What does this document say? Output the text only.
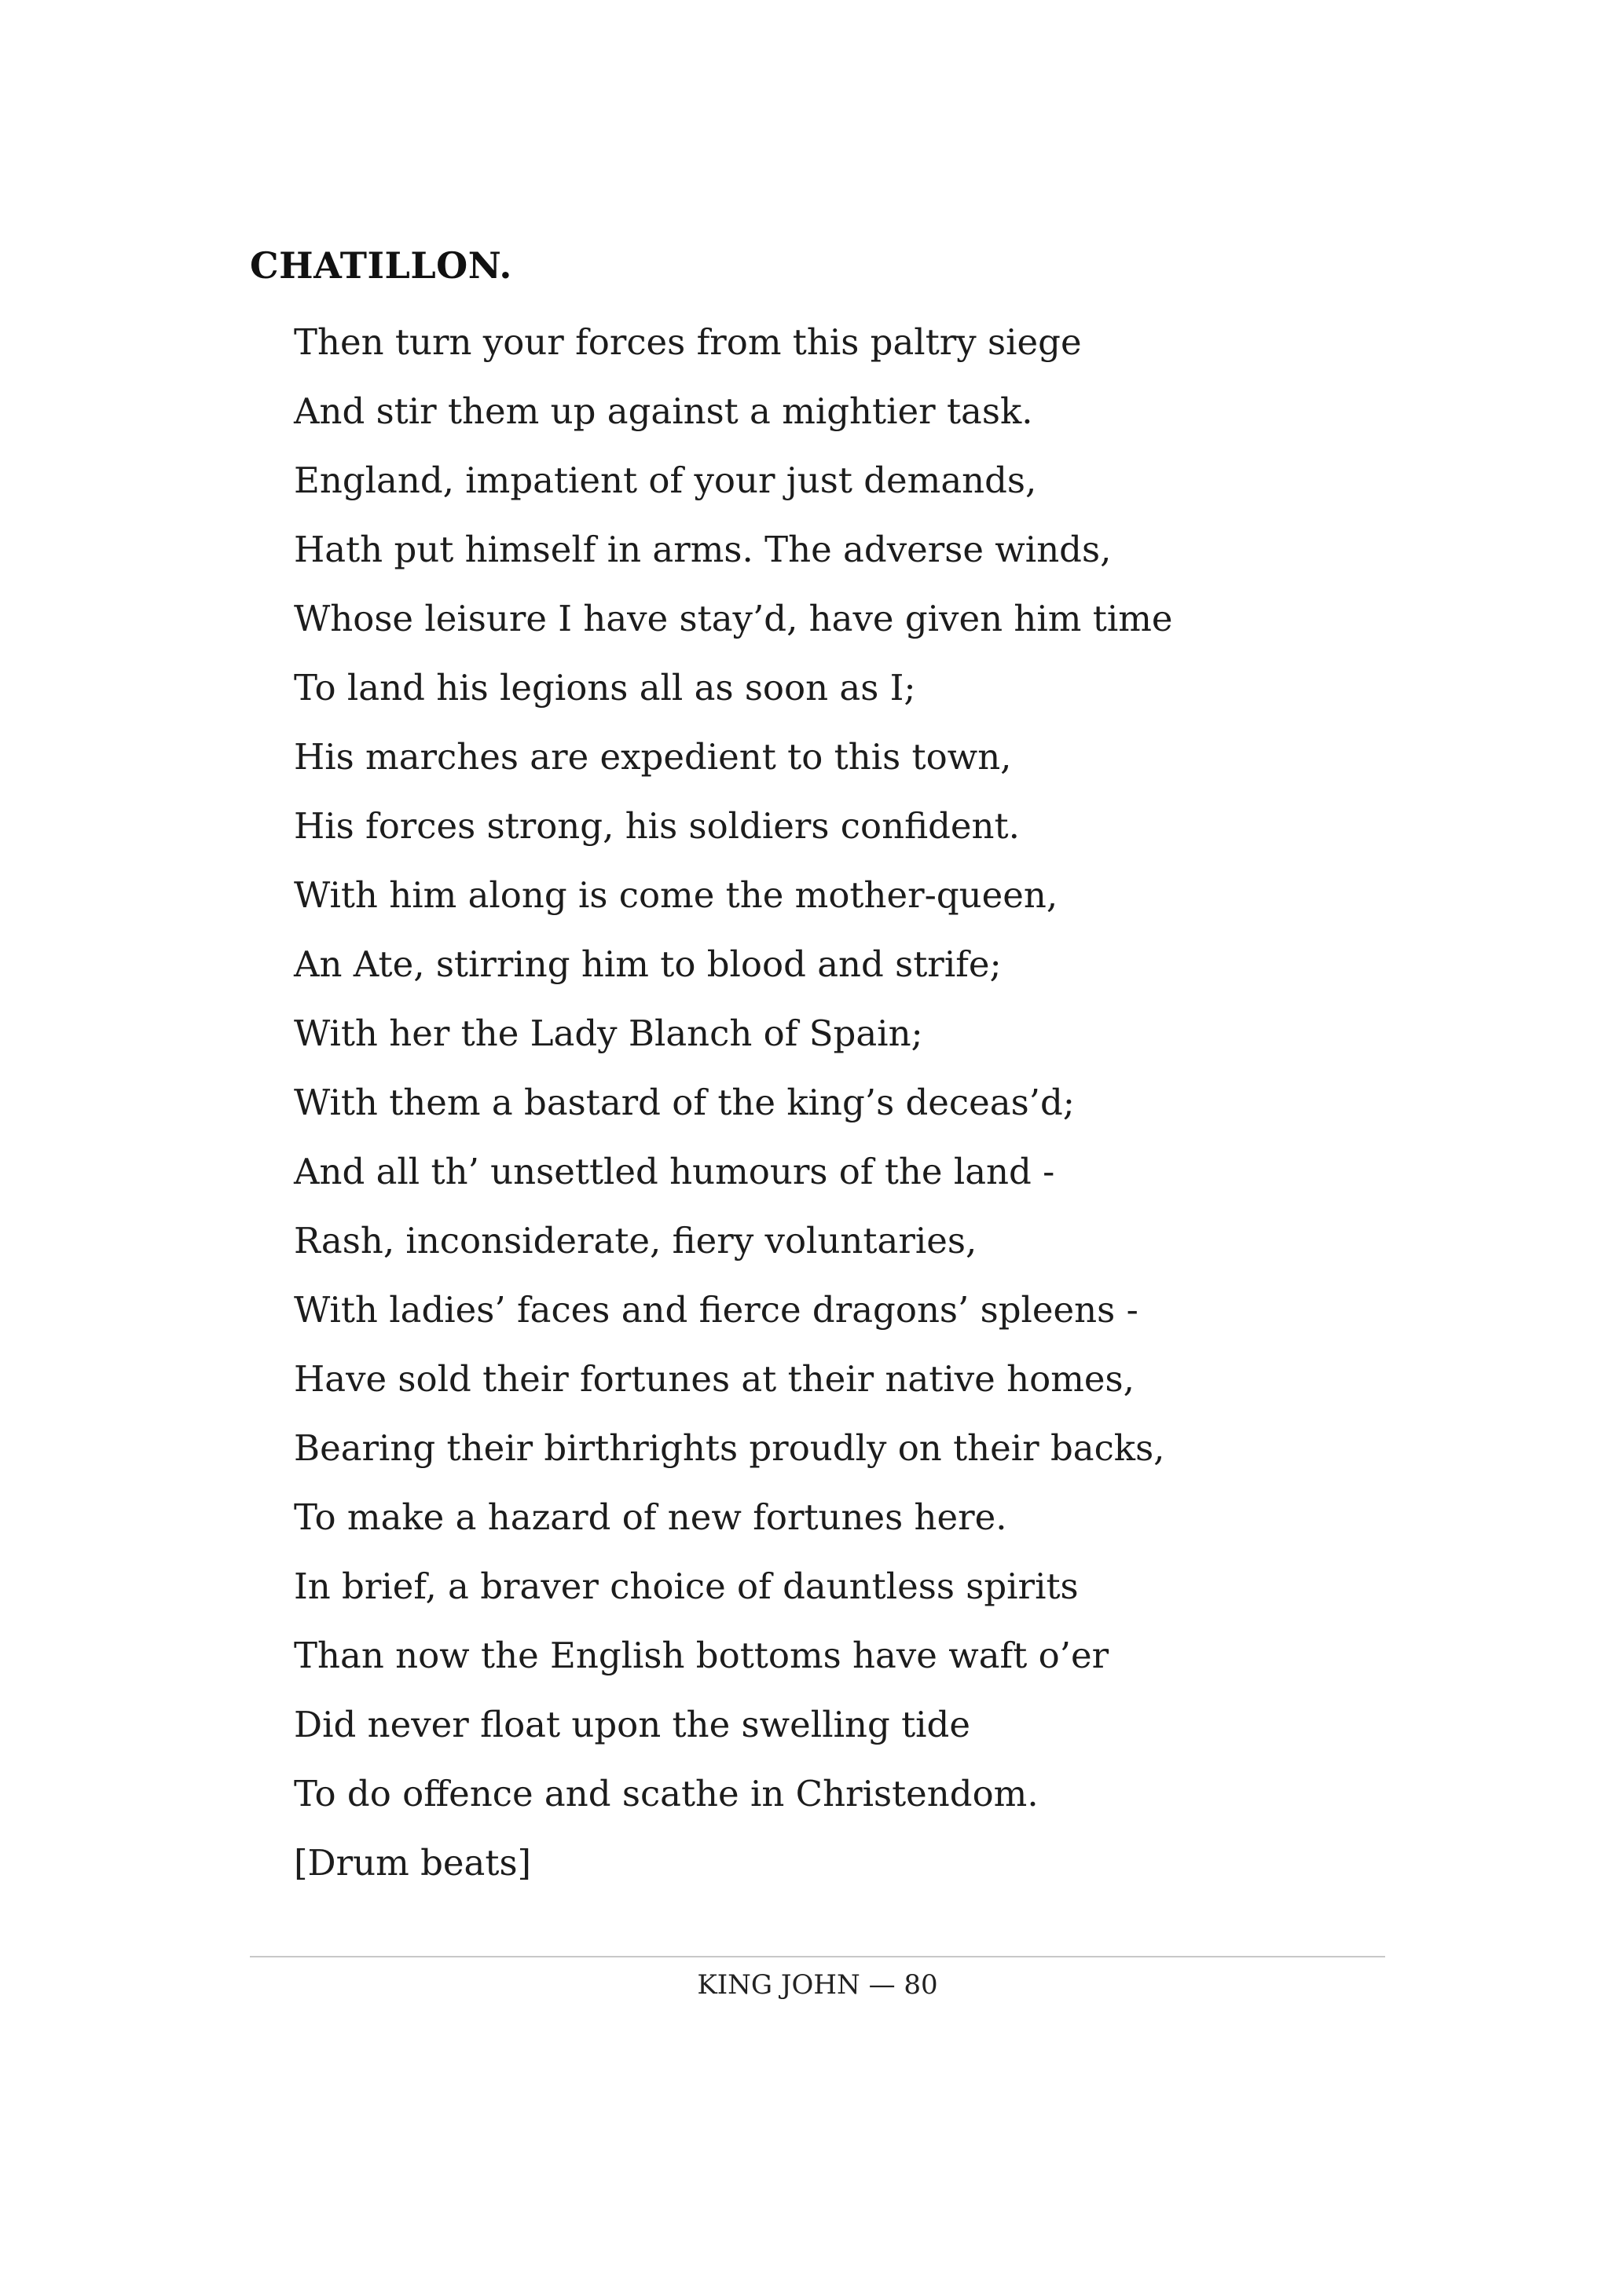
CHATILLON.
Then turn your forces from this paltry siege
And stir them up against a mightier task.
England, impatient of your just demands,
Hath put himself in arms. The adverse winds,
Whose leisure I have stay’d, have given him time
To land his legions all as soon as I;
His marches are expedient to this town,
His forces strong, his soldiers confident.
With him along is come the mother-queen,
An Ate, stirring him to blood and strife;
With her the Lady Blanch of Spain;
With them a bastard of the king’s deceas’d;
And all th’ unsettled humours of the land -
Rash, inconsiderate, fiery voluntaries,
With ladies’ faces and fierce dragons’ spleens -
Have sold their fortunes at their native homes,
Bearing their birthrights proudly on their backs,
To make a hazard of new fortunes here.
In brief, a braver choice of dauntless spirits
Than now the English bottoms have waft o’er
Did never float upon the swelling tide
To do offence and scathe in Christendom.
[Drum beats]
KING JOHN — 80
